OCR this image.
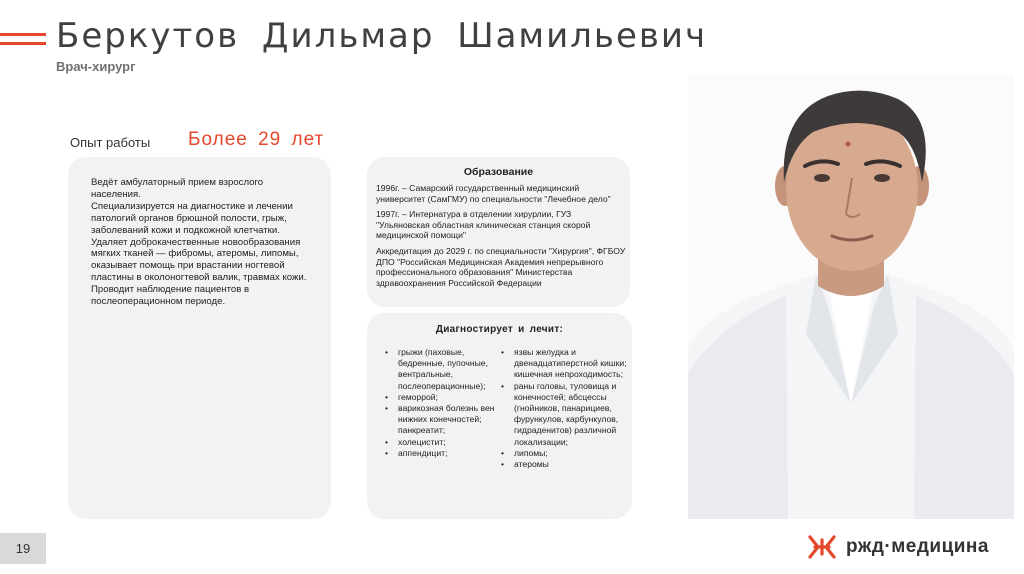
Беркутов Дильмар Шамильевич
Врач-хирург
Опыт работы Более 29 лет

Ведёт амбулаторный прием взрослого населения.

Специализируется на диагностике и лечении патологий органов брюшной полости, грыж, заболеваний кожи и подкожной клетчатки.

Удаляет доброкачественные новообразования мягких тканей — фибромы, атеромы, липомы, оказывает помощь при врастании ногтевой пластины в околоногтевой валик, травмах кожи.

Проводит наблюдение пациентов в послеоперационном периоде.

Образование

1996г. – Самарский государственный медицинский университет (СамГМУ) по специальности "Лечебное дело"

1997г. – Интернатура в отделении хирурлии, ГУЗ "Ульяновская областная клиническая станция скорой медицинской помощи"

Аккредитация до 2029 г. по специальности "Хирургия", ФГБОУ ДПО "Российская Медицинская Академия непрерывного профессионального образования" Министерства здравоохранения Российской Федерации

Диагностирует и лечит:
• грыжи (паховые, бедренные, пупочные, вентральные, послеоперационные);
• геморрой;
• варикозная болезнь вен нижних конечностей; панкреатит;
• холецистит;
• аппендицит;
• язвы желудка и двенадцатиперстной кишки; кишечная непроходимость;
• раны головы, туловища и конечностей; абсцессы (гнойников, панарициев, фурункулов, карбункулов, гидраденитов) различной локализации;
• липомы;
• атеромы
19	ржд·медицина
